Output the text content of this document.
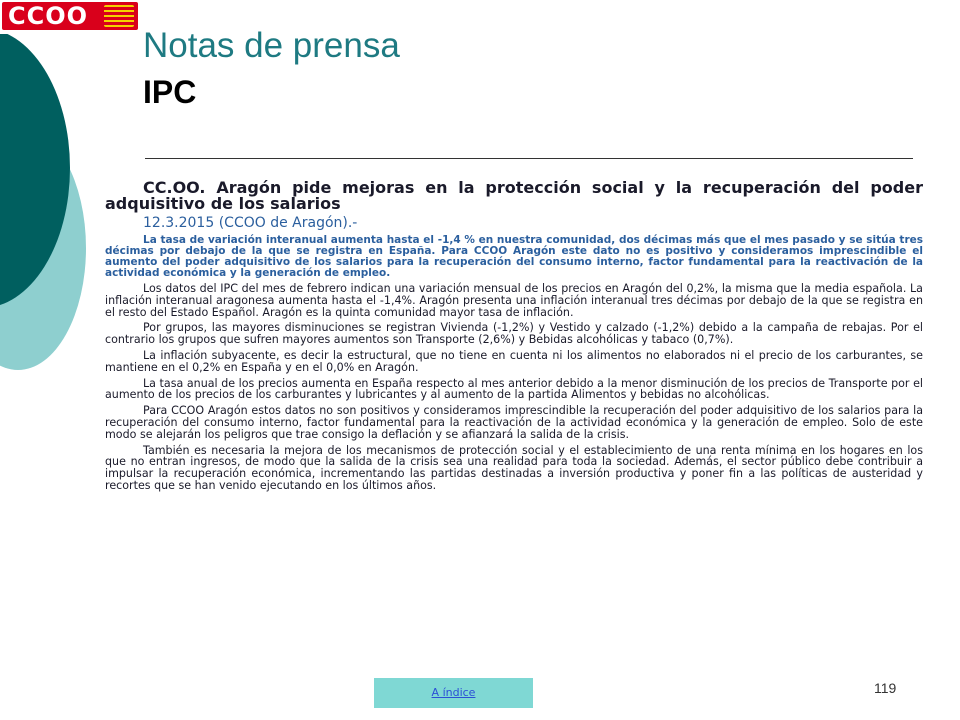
CCOO
Notas de prensa
IPC

CC.OO. Aragón pide mejoras en la protección social y la recuperación del poder adquisitivo de los salarios

12.3.2015 (CCOO de Aragón).-

La tasa de variación interanual aumenta hasta el -1,4 % en nuestra comunidad, dos décimas más que el mes pasado y se sitúa tres décimas por debajo de la que se registra en España. Para CCOO Aragón este dato no es positivo y consideramos imprescindible el aumento del poder adquisitivo de los salarios para la recuperación del consumo interno, factor fundamental para la reactivación de la actividad económica y la generación de empleo.

Los datos del IPC del mes de febrero indican una variación mensual de los precios en Aragón del 0,2%, la misma que la media española. La inflación interanual aragonesa aumenta hasta el -1,4%. Aragón presenta una inflación interanual tres décimas por debajo de la que se registra en el resto del Estado Español. Aragón es la quinta comunidad mayor tasa de inflación.

Por grupos, las mayores disminuciones se registran Vivienda (-1,2%) y Vestido y calzado (-1,2%) debido a la campaña de rebajas. Por el contrario los grupos que sufren mayores aumentos son Transporte (2,6%) y Bebidas alcohólicas y tabaco (0,7%).

La inflación subyacente, es decir la estructural, que no tiene en cuenta ni los alimentos no elaborados ni el precio de los carburantes, se mantiene en el 0,2% en España y en el 0,0% en Aragón.

La tasa anual de los precios aumenta en España respecto al mes anterior debido a la menor disminución de los precios de Transporte por el aumento de los precios de los carburantes y lubricantes y al aumento de la partida Alimentos y bebidas no alcohólicas.

Para CCOO Aragón estos datos no son positivos y consideramos imprescindible la recuperación del poder adquisitivo de los salarios para la recuperación del consumo interno, factor fundamental para la reactivación de la actividad económica y la generación de empleo. Solo de este modo se alejarán los peligros que trae consigo la deflación y se afianzará la salida de la crisis.

También es necesaria la mejora de los mecanismos de protección social y el establecimiento de una renta mínima en los hogares en los que no entran ingresos, de modo que la salida de la crisis sea una realidad para toda la sociedad. Además, el sector público debe contribuir a impulsar la recuperación económica, incrementando las partidas destinadas a inversión productiva y poner fin a las políticas de austeridad y recortes que se han venido ejecutando en los últimos años.

A índice	119
